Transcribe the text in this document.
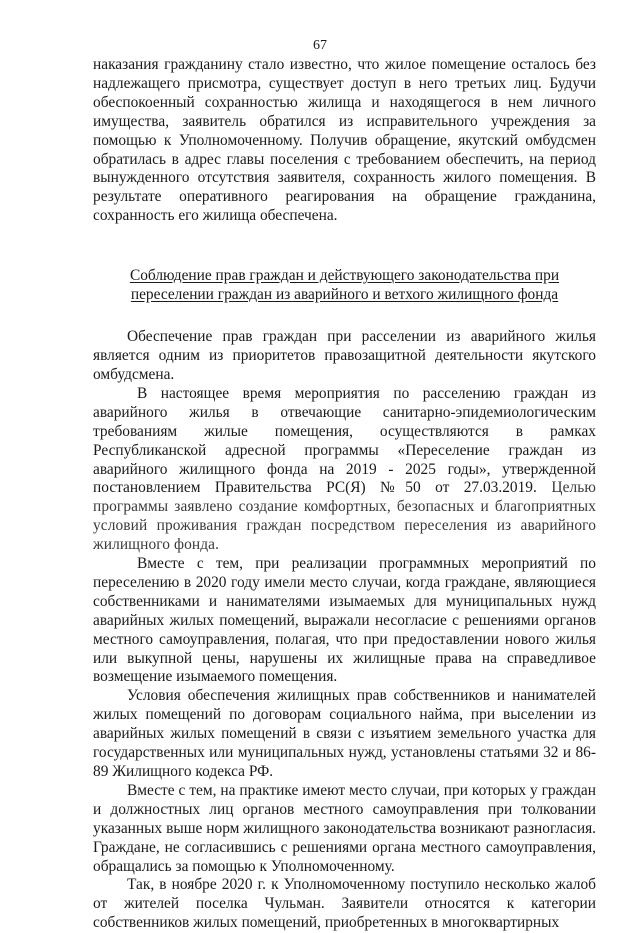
67

наказания гражданину стало известно, что жилое помещение осталось без надлежащего присмотра, существует доступ в него третьих лиц. Будучи обеспокоенный сохранностью жилища и находящегося в нем личного имущества, заявитель обратился из исправительного учреждения за помощью к Уполномоченному. Получив обращение, якутский омбудсмен обратилась в адрес главы поселения с требованием обеспечить, на период вынужденного отсутствия заявителя, сохранность жилого помещения. В результате оперативного реагирования на обращение гражданина, сохранность его жилища обеспечена.

Соблюдение прав граждан и действующего законодательства при
переселении граждан из аварийного и ветхого жилищного фонда

Обеспечение прав граждан при расселении из аварийного жилья является одним из приоритетов правозащитной деятельности якутского омбудсмена.

В настоящее время мероприятия по расселению граждан из аварийного жилья в отвечающие санитарно-эпидемиологическим требованиям жилые помещения, осуществляются в рамках Республиканской адресной программы «Переселение граждан из аварийного жилищного фонда на 2019 - 2025 годы», утвержденной постановлением Правительства РС(Я) №50 от 27.03.2019. Целью программы заявлено создание комфортных, безопасных и благоприятных условий проживания граждан посредством переселения из аварийного жилищного фонда.

Вместе с тем, при реализации программных мероприятий по переселению в 2020 году имели место случаи, когда граждане, являющиеся собственниками и нанимателями изымаемых для муниципальных нужд аварийных жилых помещений, выражали несогласие с решениями органов местного самоуправления, полагая, что при предоставлении нового жилья или выкупной цены, нарушены их жилищные права на справедливое возмещение изымаемого помещения.

Условия обеспечения жилищных прав собственников и нанимателей жилых помещений по договорам социального найма, при выселении из аварийных жилых помещений в связи с изъятием земельного участка для государственных или муниципальных нужд, установлены статьями 32 и 86-89 Жилищного кодекса РФ.

Вместе с тем, на практике имеют место случаи, при которых у граждан и должностных лиц органов местного самоуправления при толковании указанных выше норм жилищного законодательства возникают разногласия. Граждане, не согласившись с решениями органа местного самоуправления, обращались за помощью к Уполномоченному.

Так, в ноябре 2020 г. к Уполномоченному поступило несколько жалоб от жителей поселка Чульман. Заявители относятся к категории собственников жилых помещений, приобретенных в многоквартирных
